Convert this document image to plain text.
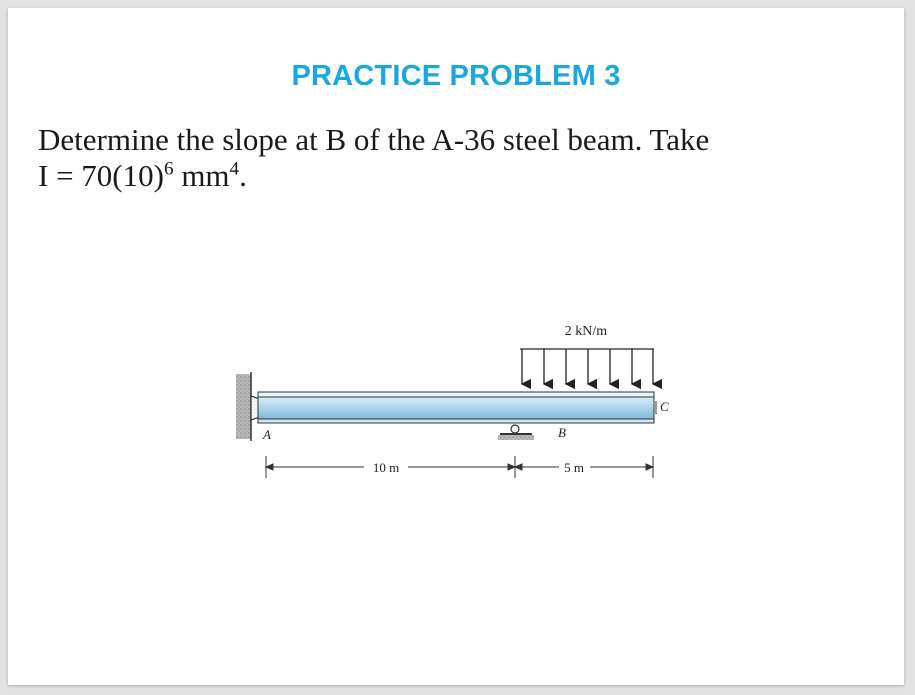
PRACTICE PROBLEM 3
Determine the slope at B of the A-36 steel beam. Take
$I = 70(10)^6$ $mm^4$.
2 kN/m
A	B
C
10 m	5 m
